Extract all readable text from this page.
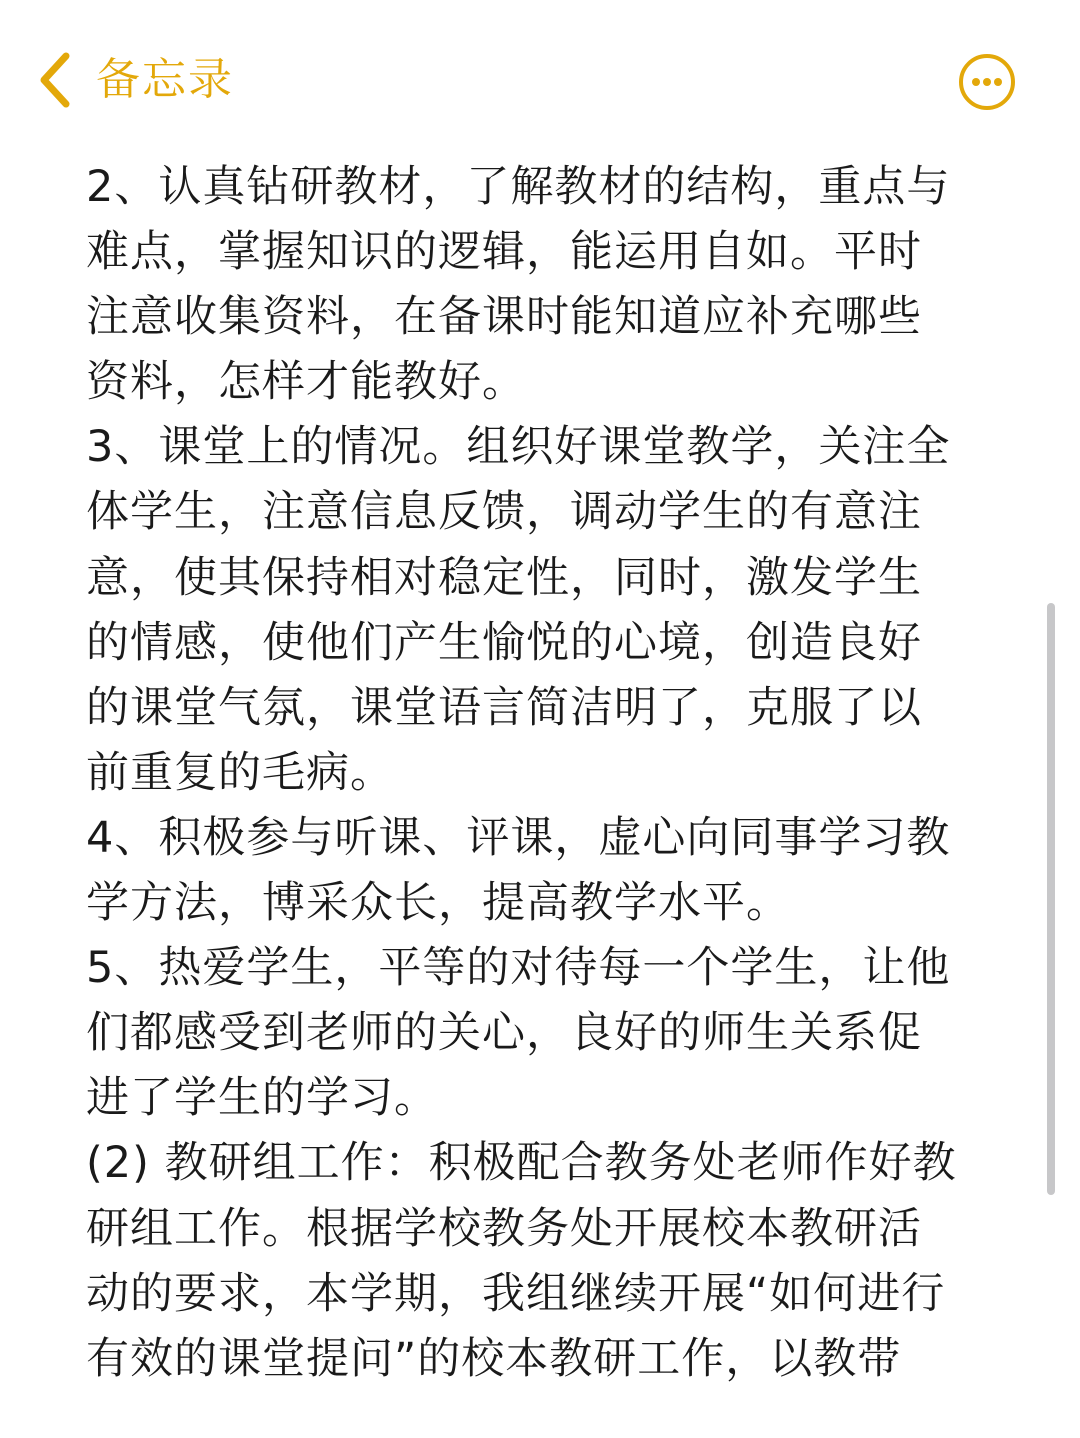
备忘录
2、认真钻研教材，了解教材的结构，重点与
难点，掌握知识的逻辑，能运用自如。平时
注意收集资料，在备课时能知道应补充哪些
资料，怎样才能教好。
3、课堂上的情况。组织好课堂教学，关注全
体学生，注意信息反馈，调动学生的有意注
意，使其保持相对稳定性，同时，激发学生
的情感，使他们产生愉悦的心境，创造良好
的课堂气氛，课堂语言简洁明了，克服了以
前重复的毛病。
4、积极参与听课、评课，虚心向同事学习教
学方法，博采众长，提高教学水平。
5、热爱学生，平等的对待每一个学生，让他
们都感受到老师的关心，良好的师生关系促
进了学生的学习。
(2) 教研组工作：积极配合教务处老师作好教
研组工作。根据学校教务处开展校本教研活
动的要求，本学期，我组继续开展“如何进行
有效的课堂提问”的校本教研工作，以教带
